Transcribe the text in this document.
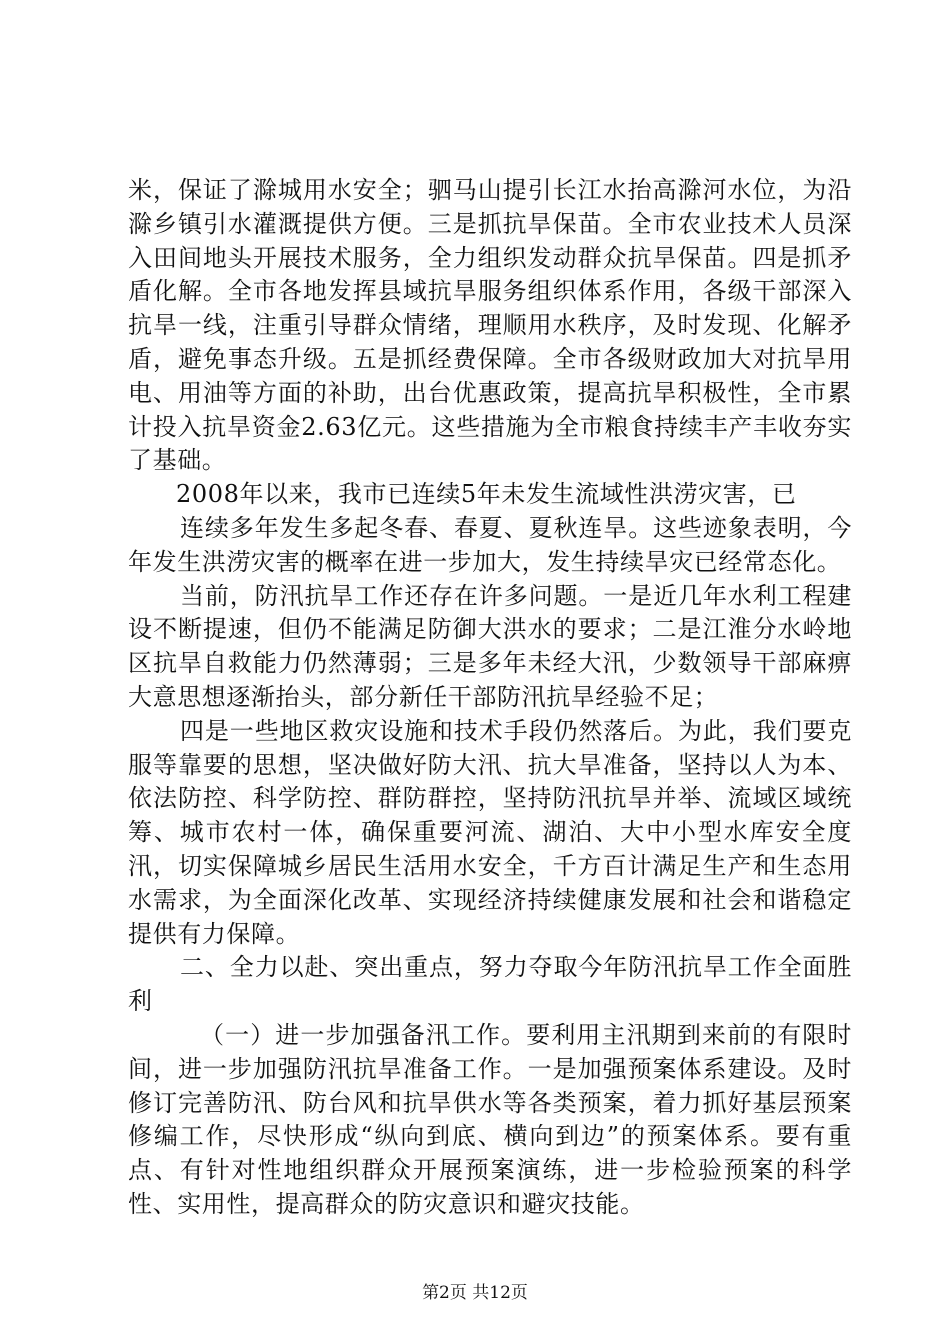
米，保证了滁城用水安全；驷马山提引长江水抬高滁河水位，为沿滁乡镇引水灌溉提供方便。三是抓抗旱保苗。全市农业技术人员深入田间地头开展技术服务，全力组织发动群众抗旱保苗。四是抓矛盾化解。全市各地发挥县域抗旱服务组织体系作用，各级干部深入抗旱一线，注重引导群众情绪，理顺用水秩序，及时发现、化解矛盾，避免事态升级。五是抓经费保障。全市各级财政加大对抗旱用电、用油等方面的补助，出台优惠政策，提高抗旱积极性，全市累计投入抗旱资金2.63亿元。这些措施为全市粮食持续丰产丰收夯实了基础。

2008年以来，我市已连续5年未发生流域性洪涝灾害，已

连续多年发生多起冬春、春夏、夏秋连旱。这些迹象表明，今年发生洪涝灾害的概率在进一步加大，发生持续旱灾已经常态化。

当前，防汛抗旱工作还存在许多问题。一是近几年水利工程建设不断提速，但仍不能满足防御大洪水的要求；二是江淮分水岭地区抗旱自救能力仍然薄弱；三是多年未经大汛，少数领导干部麻痹大意思想逐渐抬头，部分新任干部防汛抗旱经验不足；

四是一些地区救灾设施和技术手段仍然落后。为此，我们要克服等靠要的思想，坚决做好防大汛、抗大旱准备，坚持以人为本、依法防控、科学防控、群防群控，坚持防汛抗旱并举、流域区域统筹、城市农村一体，确保重要河流、湖泊、大中小型水库安全度汛，切实保障城乡居民生活用水安全，千方百计满足生产和生态用水需求，为全面深化改革、实现经济持续健康发展和社会和谐稳定提供有力保障。

二、全力以赴、突出重点，努力夺取今年防汛抗旱工作全面胜利

（一）进一步加强备汛工作。要利用主汛期到来前的有限时间，进一步加强防汛抗旱准备工作。一是加强预案体系建设。及时修订完善防汛、防台风和抗旱供水等各类预案，着力抓好基层预案修编工作，尽快形成“纵向到底、横向到边”的预案体系。要有重点、有针对性地组织群众开展预案演练，进一步检验预案的科学性、实用性，提高群众的防灾意识和避灾技能。

第2页 共12页
